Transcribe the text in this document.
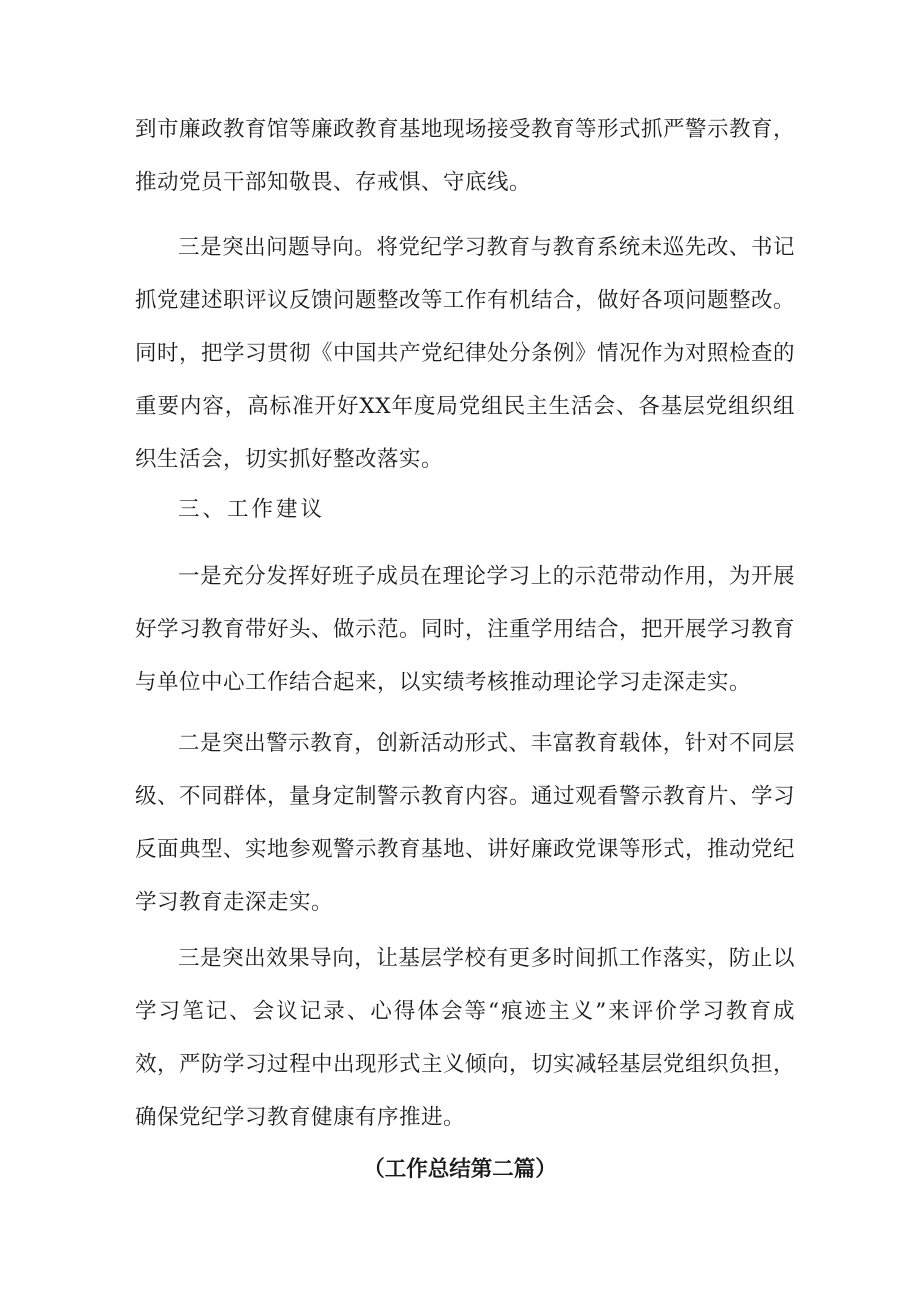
到市廉政教育馆等廉政教育基地现场接受教育等形式抓严警示教育，推动党员干部知敬畏、存戒惧、守底线。

三是突出问题导向。将党纪学习教育与教育系统未巡先改、书记抓党建述职评议反馈问题整改等工作有机结合，做好各项问题整改。同时，把学习贯彻《中国共产党纪律处分条例》情况作为对照检查的重要内容，高标准开好XX年度局党组民主生活会、各基层党组织组织生活会，切实抓好整改落实。

三、工作建议

一是充分发挥好班子成员在理论学习上的示范带动作用，为开展好学习教育带好头、做示范。同时，注重学用结合，把开展学习教育与单位中心工作结合起来，以实绩考核推动理论学习走深走实。

二是突出警示教育，创新活动形式、丰富教育载体，针对不同层级、不同群体，量身定制警示教育内容。通过观看警示教育片、学习反面典型、实地参观警示教育基地、讲好廉政党课等形式，推动党纪学习教育走深走实。

三是突出效果导向，让基层学校有更多时间抓工作落实，防止以学习笔记、会议记录、心得体会等“痕迹主义”来评价学习教育成效，严防学习过程中出现形式主义倾向，切实减轻基层党组织负担，确保党纪学习教育健康有序推进。

（工作总结第二篇）
